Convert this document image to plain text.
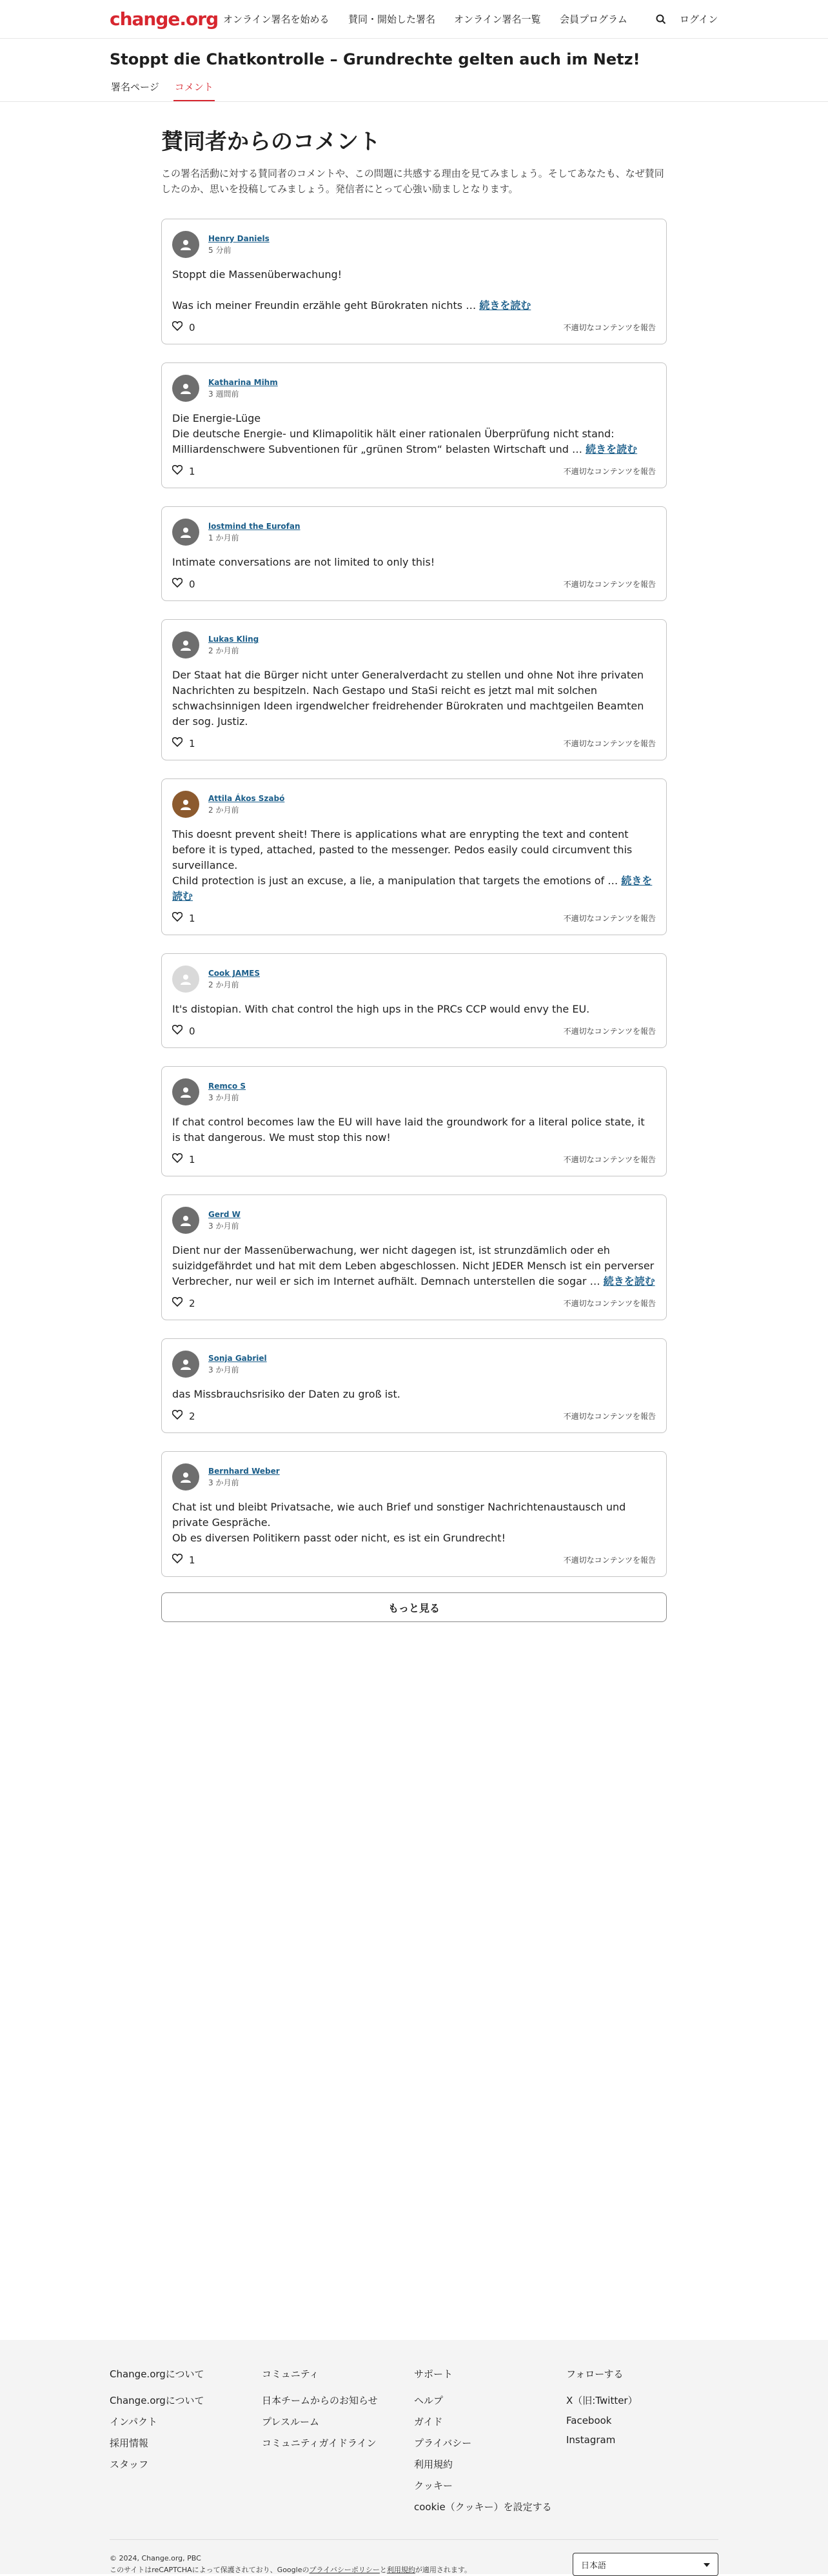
change.org オンライン署名を始める	賛同・開始した署名	オンライン署名一覧	会員プログラム	ログイン
Stoppt die Chatkontrolle – Grundrechte gelten auch im Netz!
署名ページ コメント
賛同者からのコメント

この署名活動に対する賛同者のコメントや、この問題に共感する理由を見てみましょう。そしてあなたも、なぜ賛同したのか、思いを投稿してみましょう。発信者にとって心強い励ましとなります。

Henry Daniels
5 分前
Stoppt die Massenüberwachung!

Was ich meiner Freundin erzähle geht Bürokraten nichts … 続きを読む
0	不適切なコンテンツを報告
Katharina Mihm
3 週間前
Die Energie-Lüge
Die deutsche Energie- und Klimapolitik hält einer rationalen Überprüfung nicht stand: Milliardenschwere Subventionen für „grünen Strom“ belasten Wirtschaft und … 続きを読む
1	不適切なコンテンツを報告
lostmind the Eurofan
1 か月前
Intimate conversations are not limited to only this!
0	不適切なコンテンツを報告
Lukas Kling
2 か月前
Der Staat hat die Bürger nicht unter Generalverdacht zu stellen und ohne Not ihre privaten Nachrichten zu bespitzeln. Nach Gestapo und StaSi reicht es jetzt mal mit solchen schwachsinnigen Ideen irgendwelcher freidrehender Bürokraten und machtgeilen Beamten der sog. Justiz.
1	不適切なコンテンツを報告
Attila Ákos Szabó
2 か月前
This doesnt prevent sheit! There is applications what are enrypting the text and content before it is typed, attached, pasted to the messenger. Pedos easily could circumvent this surveillance.
Child protection is just an excuse, a lie, a manipulation that targets the emotions of … 続きを読む
1	不適切なコンテンツを報告
Cook JAMES
2 か月前
It's distopian. With chat control the high ups in the PRCs CCP would envy the EU.
0	不適切なコンテンツを報告
Remco S
3 か月前
If chat control becomes law the EU will have laid the groundwork for a literal police state, it is that dangerous. We must stop this now!
1	不適切なコンテンツを報告
Gerd W
3 か月前
Dient nur der Massenüberwachung, wer nicht dagegen ist, ist strunzdämlich oder eh suizidgefährdet und hat mit dem Leben abgeschlossen. Nicht JEDER Mensch ist ein perverser Verbrecher, nur weil er sich im Internet aufhält. Demnach unterstellen die sogar … 続きを読む
2	不適切なコンテンツを報告
Sonja Gabriel
3 か月前
das Missbrauchsrisiko der Daten zu groß ist.
2	不適切なコンテンツを報告
Bernhard Weber
3 か月前
Chat ist und bleibt Privatsache, wie auch Brief und sonstiger Nachrichtenaustausch und private Gespräche.
Ob es diversen Politikern passt oder nicht, es ist ein Grundrecht!
1	不適切なコンテンツを報告
もっと見る
Change.orgについて
Change.orgについて
インパクト
採用情報
スタッフ
コミュニティ
日本チームからのお知らせ
プレスルーム
コミュニティガイドライン
サポート
ヘルプ
ガイド
プライバシー
利用規約
クッキー
cookie（クッキー）を設定する
フォローする
X（旧:Twitter）
Facebook
Instagram
© 2024, Change.org, PBC
このサイトはreCAPTCHAによって保護されており、Googleのプライバシーポリシーと利用規約が適用されます。	日本語
